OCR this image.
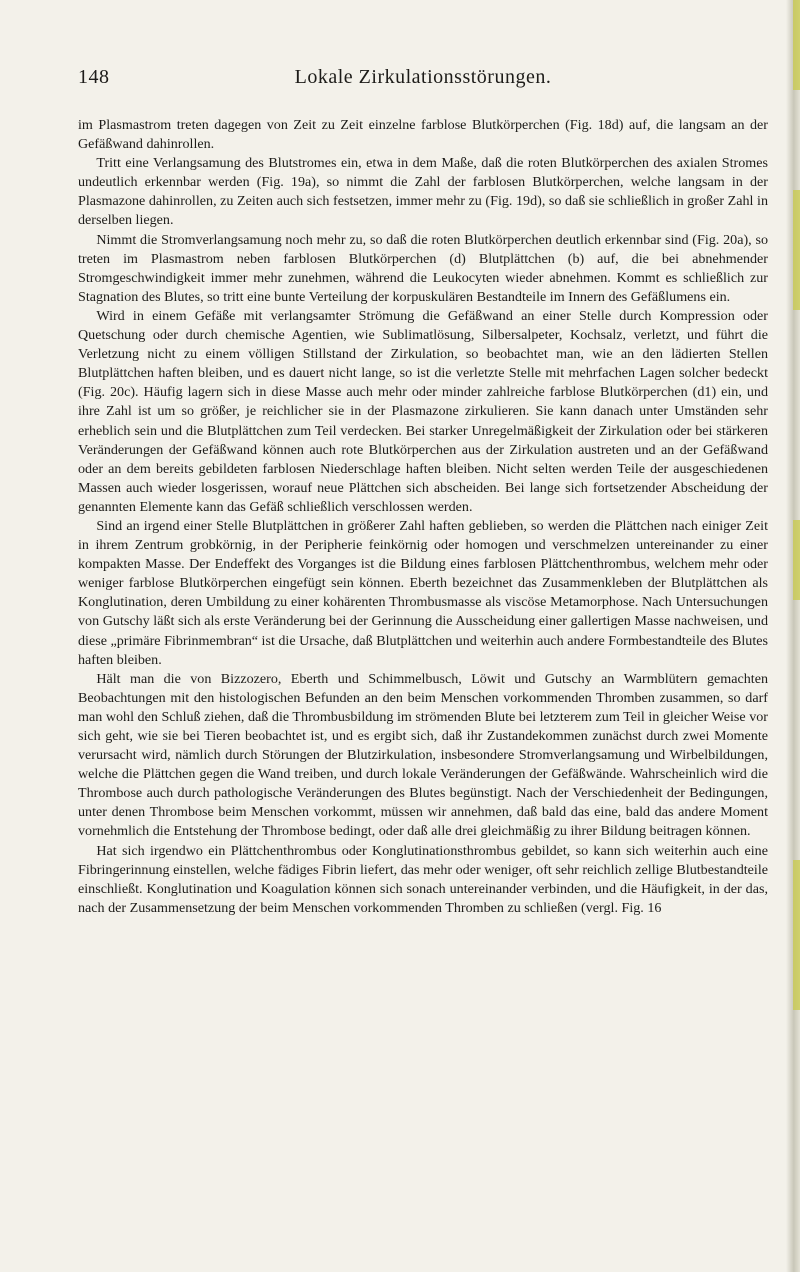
148	Lokale Zirkulationsstörungen.

im Plasmastrom treten dagegen von Zeit zu Zeit einzelne farblose Blutkörperchen (Fig. 18d) auf, die langsam an der Gefäßwand dahinrollen.

Tritt eine Verlangsamung des Blutstromes ein, etwa in dem Maße, daß die roten Blutkörperchen des axialen Stromes undeutlich erkennbar werden (Fig. 19a), so nimmt die Zahl der farblosen Blutkörperchen, welche langsam in der Plasmazone dahinrollen, zu Zeiten auch sich festsetzen, immer mehr zu (Fig. 19d), so daß sie schließlich in großer Zahl in derselben liegen.

Nimmt die Stromverlangsamung noch mehr zu, so daß die roten Blutkörperchen deutlich erkennbar sind (Fig. 20a), so treten im Plasmastrom neben farblosen Blutkörperchen (d) Blutplättchen (b) auf, die bei abnehmender Stromgeschwindigkeit immer mehr zunehmen, während die Leukocyten wieder abnehmen. Kommt es schließlich zur Stagnation des Blutes, so tritt eine bunte Verteilung der korpuskulären Bestandteile im Innern des Gefäßlumens ein.

Wird in einem Gefäße mit verlangsamter Strömung die Gefäßwand an einer Stelle durch Kompression oder Quetschung oder durch chemische Agentien, wie Sublimatlösung, Silbersalpeter, Kochsalz, verletzt, und führt die Verletzung nicht zu einem völligen Stillstand der Zirkulation, so beobachtet man, wie an den lädierten Stellen Blutplättchen haften bleiben, und es dauert nicht lange, so ist die verletzte Stelle mit mehrfachen Lagen solcher bedeckt (Fig. 20c). Häufig lagern sich in diese Masse auch mehr oder minder zahlreiche farblose Blutkörperchen (d1) ein, und ihre Zahl ist um so größer, je reichlicher sie in der Plasmazone zirkulieren. Sie kann danach unter Umständen sehr erheblich sein und die Blutplättchen zum Teil verdecken. Bei starker Unregelmäßigkeit der Zirkulation oder bei stärkeren Veränderungen der Gefäßwand können auch rote Blutkörperchen aus der Zirkulation austreten und an der Gefäßwand oder an dem bereits gebildeten farblosen Niederschlage haften bleiben. Nicht selten werden Teile der ausgeschiedenen Massen auch wieder losgerissen, worauf neue Plättchen sich abscheiden. Bei lange sich fortsetzender Abscheidung der genannten Elemente kann das Gefäß schließlich verschlossen werden.

Sind an irgend einer Stelle Blutplättchen in größerer Zahl haften geblieben, so werden die Plättchen nach einiger Zeit in ihrem Zentrum grobkörnig, in der Peripherie feinkörnig oder homogen und verschmelzen untereinander zu einer kompakten Masse. Der Endeffekt des Vorganges ist die Bildung eines farblosen Plättchenthrombus, welchem mehr oder weniger farblose Blutkörperchen eingefügt sein können. Eberth bezeichnet das Zusammenkleben der Blutplättchen als Konglutination, deren Umbildung zu einer kohärenten Thrombusmasse als viscöse Metamorphose. Nach Untersuchungen von Gutschy läßt sich als erste Veränderung bei der Gerinnung die Ausscheidung einer gallertigen Masse nachweisen, und diese „primäre Fibrinmembran“ ist die Ursache, daß Blutplättchen und weiterhin auch andere Formbestandteile des Blutes haften bleiben.

Hält man die von Bizzozero, Eberth und Schimmelbusch, Löwit und Gutschy an Warmblütern gemachten Beobachtungen mit den histologischen Befunden an den beim Menschen vorkommenden Thromben zusammen, so darf man wohl den Schluß ziehen, daß die Thrombusbildung im strömenden Blute bei letzterem zum Teil in gleicher Weise vor sich geht, wie sie bei Tieren beobachtet ist, und es ergibt sich, daß ihr Zustandekommen zunächst durch zwei Momente verursacht wird, nämlich durch Störungen der Blutzirkulation, insbesondere Stromverlangsamung und Wirbelbildungen, welche die Plättchen gegen die Wand treiben, und durch lokale Veränderungen der Gefäßwände. Wahrscheinlich wird die Thrombose auch durch pathologische Veränderungen des Blutes begünstigt. Nach der Verschiedenheit der Bedingungen, unter denen Thrombose beim Menschen vorkommt, müssen wir annehmen, daß bald das eine, bald das andere Moment vornehmlich die Entstehung der Thrombose bedingt, oder daß alle drei gleichmäßig zu ihrer Bildung beitragen können.

Hat sich irgendwo ein Plättchenthrombus oder Konglutinationsthrombus gebildet, so kann sich weiterhin auch eine Fibringerinnung einstellen, welche fädiges Fibrin liefert, das mehr oder weniger, oft sehr reichlich zellige Blutbestandteile einschließt. Konglutination und Koagulation können sich sonach untereinander verbinden, und die Häufigkeit, in der das, nach der Zusammensetzung der beim Menschen vorkommenden Thromben zu schließen (vergl. Fig. 16
